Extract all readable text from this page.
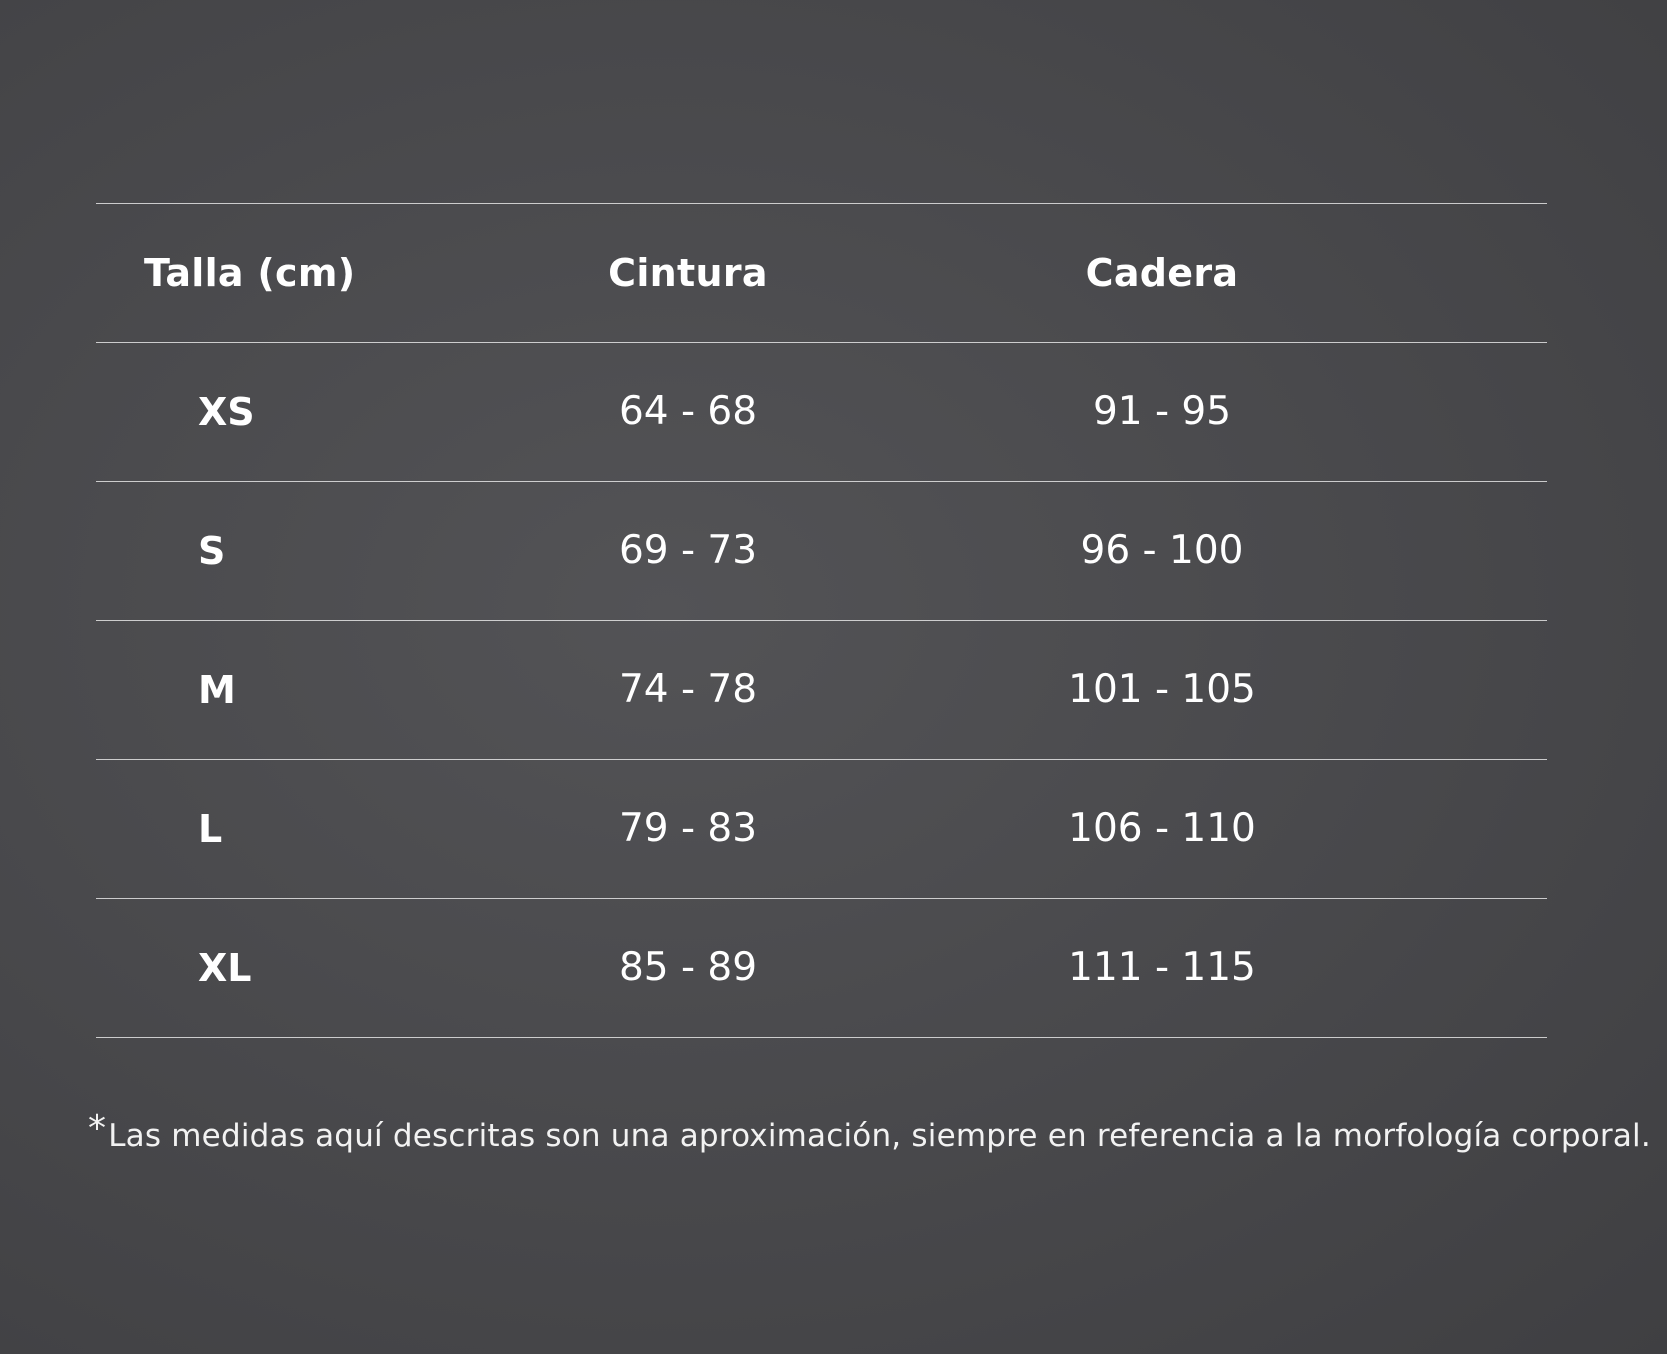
Talla (cm)	Cintura	Cadera
XS	64 - 68	91 - 95
S	69 - 73	96 - 100
M	74 - 78	101 - 105
L	79 - 83	106 - 110
XL	85 - 89	111 - 115
*Las medidas aquí descritas son una aproximación, siempre en referencia a la morfología corporal.
